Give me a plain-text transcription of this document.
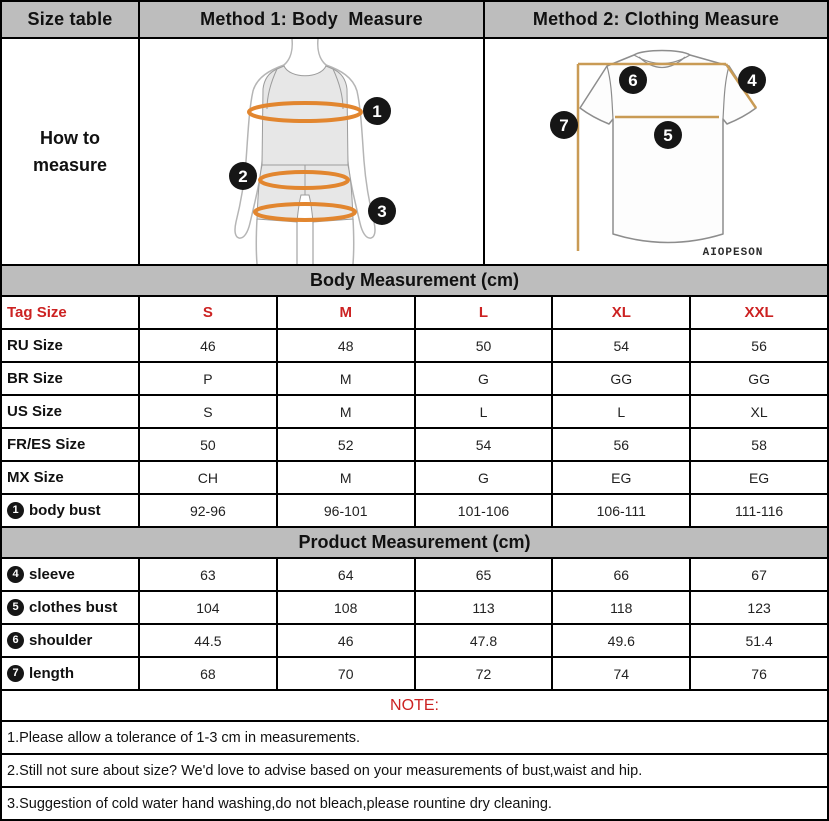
Size table	Method 1: Body  Measure	Method 2: Clothing Measure
How to measure
1
2
3
6	4
7
5
AIOPESON
Body Measurement (cm)
Tag Size	S	M	L	XL	XXL
RU Size	46	48	50	54	56
BR Size	P	M	G	GG	GG
US Size	S	M	L	L	XL
FR/ES Size	50	52	54	56	58
MX Size	CH	M	G	EG	EG
1 body bust	92-96	96-101	101-106	106-111	111-116
Product Measurement (cm)
4 sleeve	63	64	65	66	67
5 clothes bust	104	108	113	118	123
6 shoulder	44.5	46	47.8	49.6	51.4
7 length	68	70	72	74	76
NOTE:
1.Please allow a tolerance of 1-3 cm in measurements.
2.Still not sure about size? We'd love to advise based on your measurements of bust,waist and hip.
3.Suggestion of cold water hand washing,do not bleach,please rountine dry cleaning.
